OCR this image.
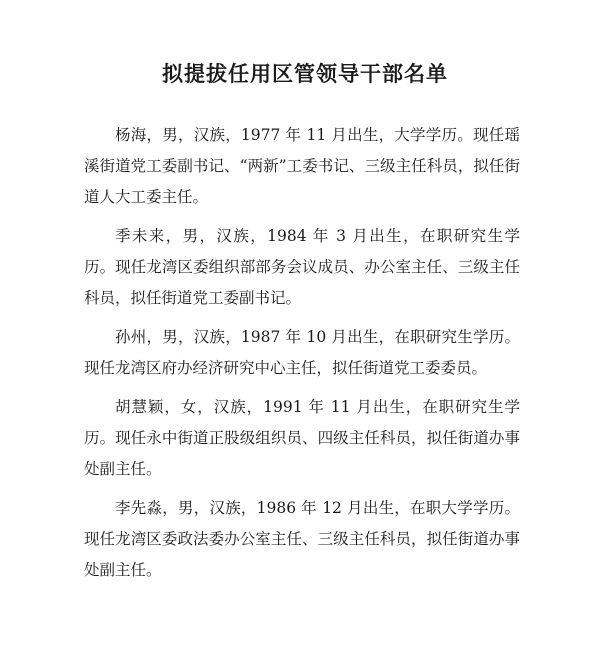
拟提拔任用区管领导干部名单

杨海，男，汉族，1977 年 11 月出生，大学学历。现任瑶溪街道党工委副书记、“两新”工委书记、三级主任科员，拟任街道人大工委主任。

季未来，男，汉族，1984 年 3 月出生，在职研究生学历。现任龙湾区委组织部部务会议成员、办公室主任、三级主任科员，拟任街道党工委副书记。

孙州，男，汉族，1987 年 10 月出生，在职研究生学历。现任龙湾区府办经济研究中心主任，拟任街道党工委委员。

胡慧颖，女，汉族，1991 年 11 月出生，在职研究生学历。现任永中街道正股级组织员、四级主任科员，拟任街道办事处副主任。

李先淼，男，汉族，1986 年 12 月出生，在职大学学历。现任龙湾区委政法委办公室主任、三级主任科员，拟任街道办事处副主任。
